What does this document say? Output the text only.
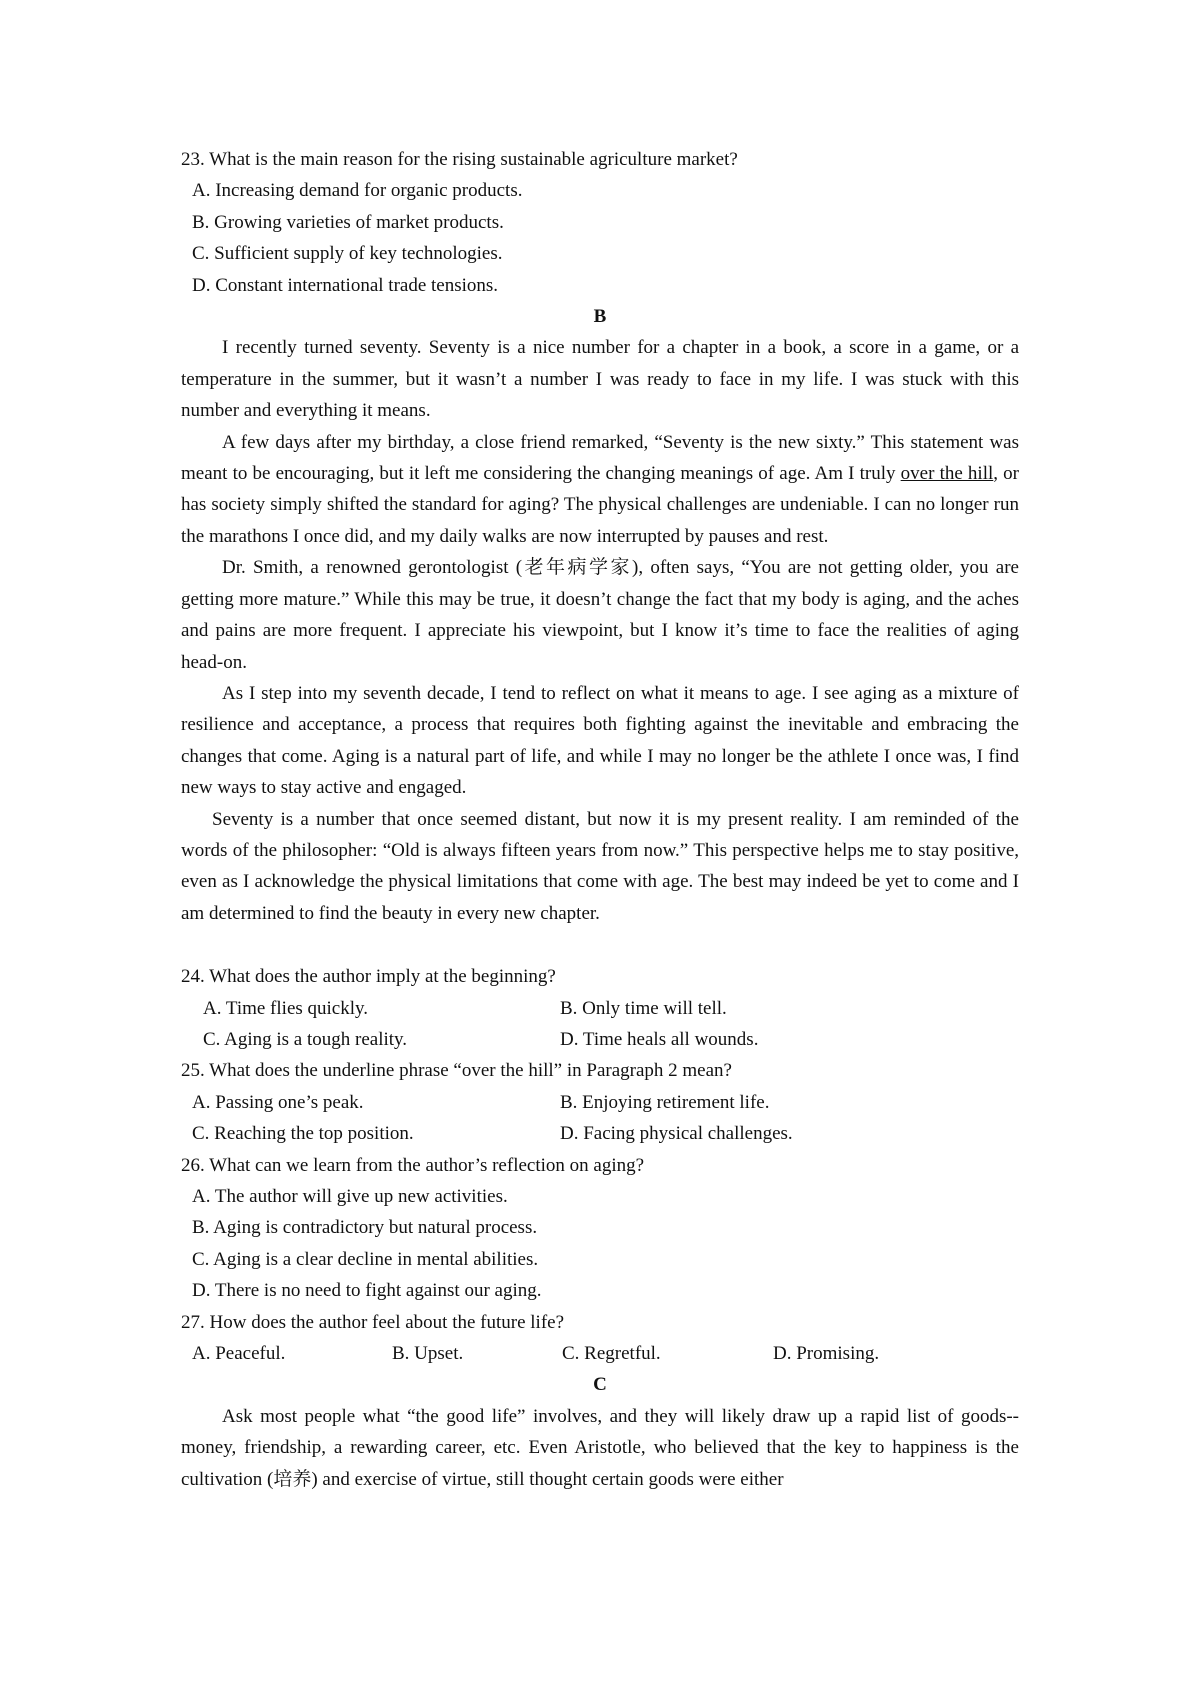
23. What is the main reason for the rising sustainable agriculture market?

A. Increasing demand for organic products.

B. Growing varieties of market products.

C. Sufficient supply of key technologies.

D. Constant international trade tensions.

B

I recently turned seventy. Seventy is a nice number for a chapter in a book, a score in a game, or a temperature in the summer, but it wasn’t a number I was ready to face in my life. I was stuck with this number and everything it means.

A few days after my birthday, a close friend remarked, “Seventy is the new sixty.” This statement was meant to be encouraging, but it left me considering the changing meanings of age. Am I truly over the hill, or has society simply shifted the standard for aging? The physical challenges are undeniable. I can no longer run the marathons I once did, and my daily walks are now interrupted by pauses and rest.

Dr. Smith, a renowned gerontologist (老年病学家), often says, “You are not getting older, you are getting more mature.” While this may be true, it doesn’t change the fact that my body is aging, and the aches and pains are more frequent. I appreciate his viewpoint, but I know it’s time to face the realities of aging head-on.

As I step into my seventh decade, I tend to reflect on what it means to age. I see aging as a mixture of resilience and acceptance, a process that requires both fighting against the inevitable and embracing the changes that come. Aging is a natural part of life, and while I may no longer be the athlete I once was, I find new ways to stay active and engaged.

Seventy is a number that once seemed distant, but now it is my present reality. I am reminded of the words of the philosopher: “Old is always fifteen years from now.” This perspective helps me to stay positive, even as I acknowledge the physical limitations that come with age. The best may indeed be yet to come and I am determined to find the beauty in every new chapter.

24. What does the author imply at the beginning?

A. Time flies quickly.	B. Only time will tell.
C. Aging is a tough reality.	D. Time heals all wounds.

25. What does the underline phrase “over the hill” in Paragraph 2 mean?

A. Passing one’s peak.	B. Enjoying retirement life.
C. Reaching the top position.	D. Facing physical challenges.

26. What can we learn from the author’s reflection on aging?

A. The author will give up new activities.

B. Aging is contradictory but natural process.

C. Aging is a clear decline in mental abilities.

D. There is no need to fight against our aging.

27. How does the author feel about the future life?

A. Peaceful.	B. Upset.	C. Regretful.	D. Promising.

C

Ask most people what “the good life” involves, and they will likely draw up a rapid list of goods--money, friendship, a rewarding career, etc. Even Aristotle, who believed that the key to happiness is the cultivation (培养) and exercise of virtue, still thought certain goods were either
